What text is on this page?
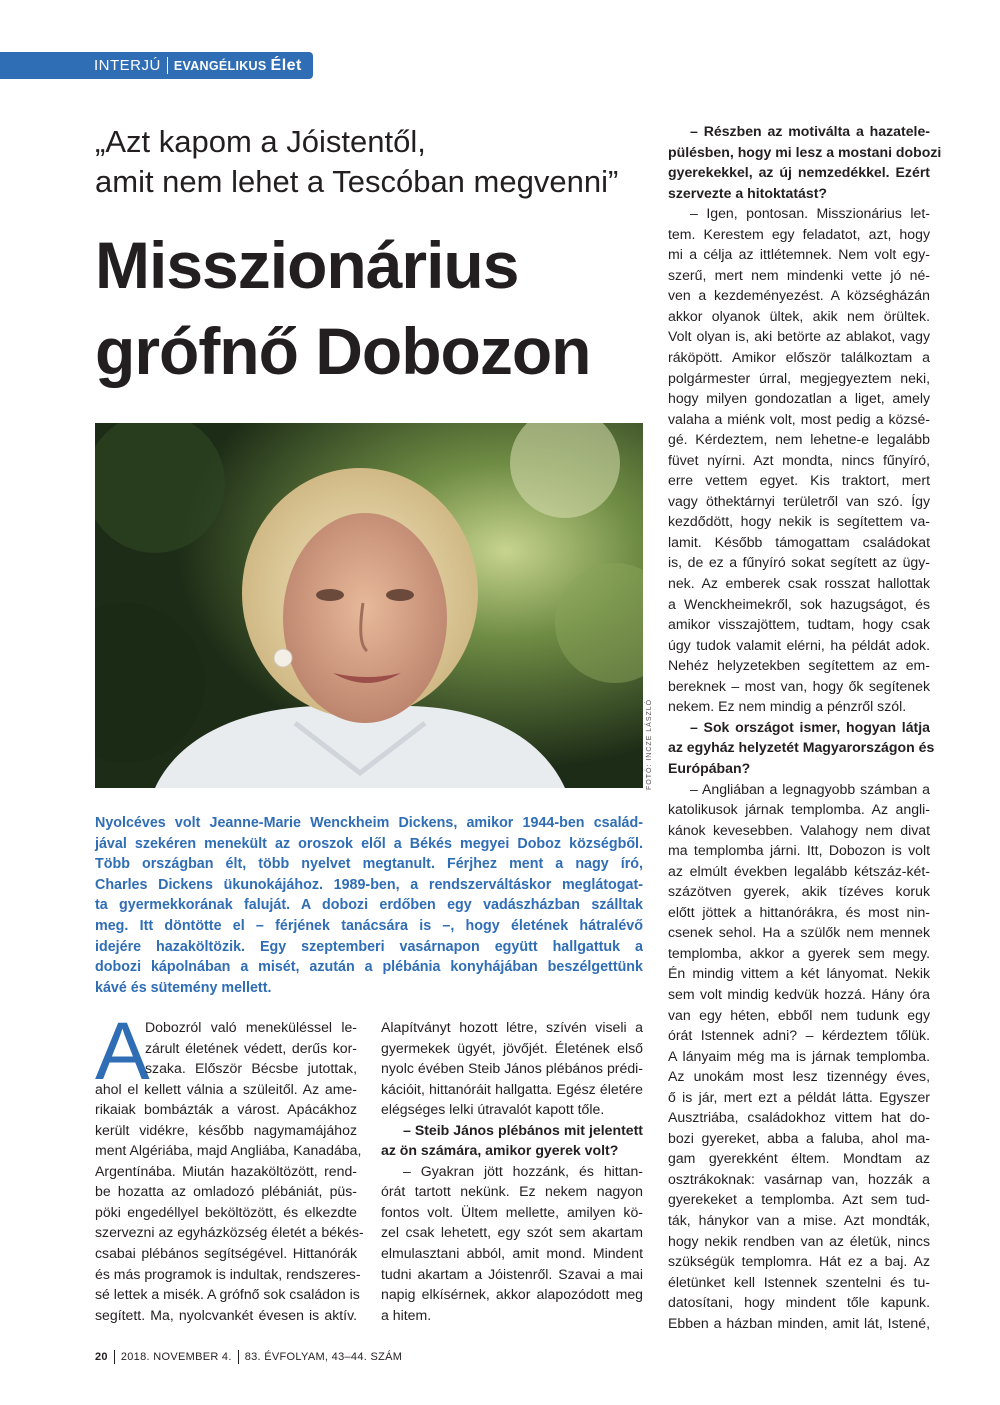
INTERJÚ EVANGÉLIKUS Élet
„Azt kapom a Jóistentől,
amit nem lehet a Tescóban megvenni”
Misszionárius
grófnő Dobozon
FOTÓ: INCZE LÁSZLÓ
Nyolcéves volt Jeanne-Marie Wenckheim Dickens, amikor 1944-ben család-
jával szekéren menekült az oroszok elől a Békés megyei Doboz községből.
Több országban élt, több nyelvet megtanult. Férjhez ment a nagy író,
Charles Dickens ükunokájához. 1989-ben, a rendszerváltáskor meglátogat-
ta gyermekkorának faluját. A dobozi erdőben egy vadászházban szálltak
meg. Itt döntötte el – férjének tanácsára is –, hogy életének hátralévő
idejére hazaköltözik. Egy szeptemberi vasárnapon együtt hallgattuk a
dobozi kápolnában a misét, azután a plébánia konyhájában beszélgettünk
kávé és sütemény mellett.
A
Dobozról való meneküléssel le-
zárult életének védett, derűs kor-
szaka. Először Bécsbe jutottak,
ahol el kellett válnia a szüleitől. Az ame-
rikaiak bombázták a várost. Apácákhoz
került vidékre, később nagymamájához
ment Algériába, majd Angliába, Kanadába,
Argentínába. Miután hazaköltözött, rend-
be hozatta az omladozó plébániát, püs-
pöki engedéllyel beköltözött, és elkezdte
szervezni az egyházközség életét a békés-
csabai plébános segítségével. Hittanórák
és más programok is indultak, rendszeres-
sé lettek a misék. A grófnő sok családon is
segített. Ma, nyolcvankét évesen is aktív.
Alapítványt hozott létre, szívén viseli a
gyermekek ügyét, jövőjét. Életének első
nyolc évében Steib János plébános prédi-
kációit, hittanóráit hallgatta. Egész életére
elégséges lelki útravalót kapott tőle.
– Steib János plébános mit jelentett
az ön számára, amikor gyerek volt?
– Gyakran jött hozzánk, és hittan-
órát tartott nekünk. Ez nekem nagyon
fontos volt. Ültem mellette, amilyen kö-
zel csak lehetett, egy szót sem akartam
elmulasztani abból, amit mond. Mindent
tudni akartam a Jóistenről. Szavai a mai
napig elkísérnek, akkor alapozódott meg
a hitem.
– Részben az motiválta a hazatele-
pülésben, hogy mi lesz a mostani dobozi
gyerekekkel, az új nemzedékkel. Ezért
szervezte a hitoktatást?
– Igen, pontosan. Misszionárius let-
tem. Kerestem egy feladatot, azt, hogy
mi a célja az ittlétemnek. Nem volt egy-
szerű, mert nem mindenki vette jó né-
ven a kezdeményezést. A községházán
akkor olyanok ültek, akik nem örültek.
Volt olyan is, aki betörte az ablakot, vagy
ráköpött. Amikor először találkoztam a
polgármester úrral, megjegyeztem neki,
hogy milyen gondozatlan a liget, amely
valaha a miénk volt, most pedig a közsé-
gé. Kérdeztem, nem lehetne-e legalább
füvet nyírni. Azt mondta, nincs fűnyíró,
erre vettem egyet. Kis traktort, mert
vagy öthektárnyi területről van szó. Így
kezdődött, hogy nekik is segítettem va-
lamit. Később támogattam családokat
is, de ez a fűnyíró sokat segített az ügy-
nek. Az emberek csak rosszat hallottak
a Wenckheimekről, sok hazugságot, és
amikor visszajöttem, tudtam, hogy csak
úgy tudok valamit elérni, ha példát adok.
Nehéz helyzetekben segítettem az em-
bereknek – most van, hogy ők segítenek
nekem. Ez nem mindig a pénzről szól.
– Sok országot ismer, hogyan látja
az egyház helyzetét Magyarországon és
Európában?
– Angliában a legnagyobb számban a
katolikusok járnak templomba. Az angli-
kánok kevesebben. Valahogy nem divat
ma templomba járni. Itt, Dobozon is volt
az elmúlt években legalább kétszáz-két-
százötven gyerek, akik tízéves koruk
előtt jöttek a hittanórákra, és most nin-
csenek sehol. Ha a szülők nem mennek
templomba, akkor a gyerek sem megy.
Én mindig vittem a két lányomat. Nekik
sem volt mindig kedvük hozzá. Hány óra
van egy héten, ebből nem tudunk egy
órát Istennek adni? – kérdeztem tőlük.
A lányaim még ma is járnak templomba.
Az unokám most lesz tizennégy éves,
ő is jár, mert ezt a példát látta. Egyszer
Ausztriába, családokhoz vittem hat do-
bozi gyereket, abba a faluba, ahol ma-
gam gyerekként éltem. Mondtam az
osztrákoknak: vasárnap van, hozzák a
gyerekeket a templomba. Azt sem tud-
ták, hánykor van a mise. Azt mondták,
hogy nekik rendben van az életük, nincs
szükségük templomra. Hát ez a baj. Az
életünket kell Istennek szentelni és tu-
datosítani, hogy mindent tőle kapunk.
Ebben a házban minden, amit lát, Istené,
20 2018. NOVEMBER 4. 83. ÉVFOLYAM, 43–44. SZÁM
